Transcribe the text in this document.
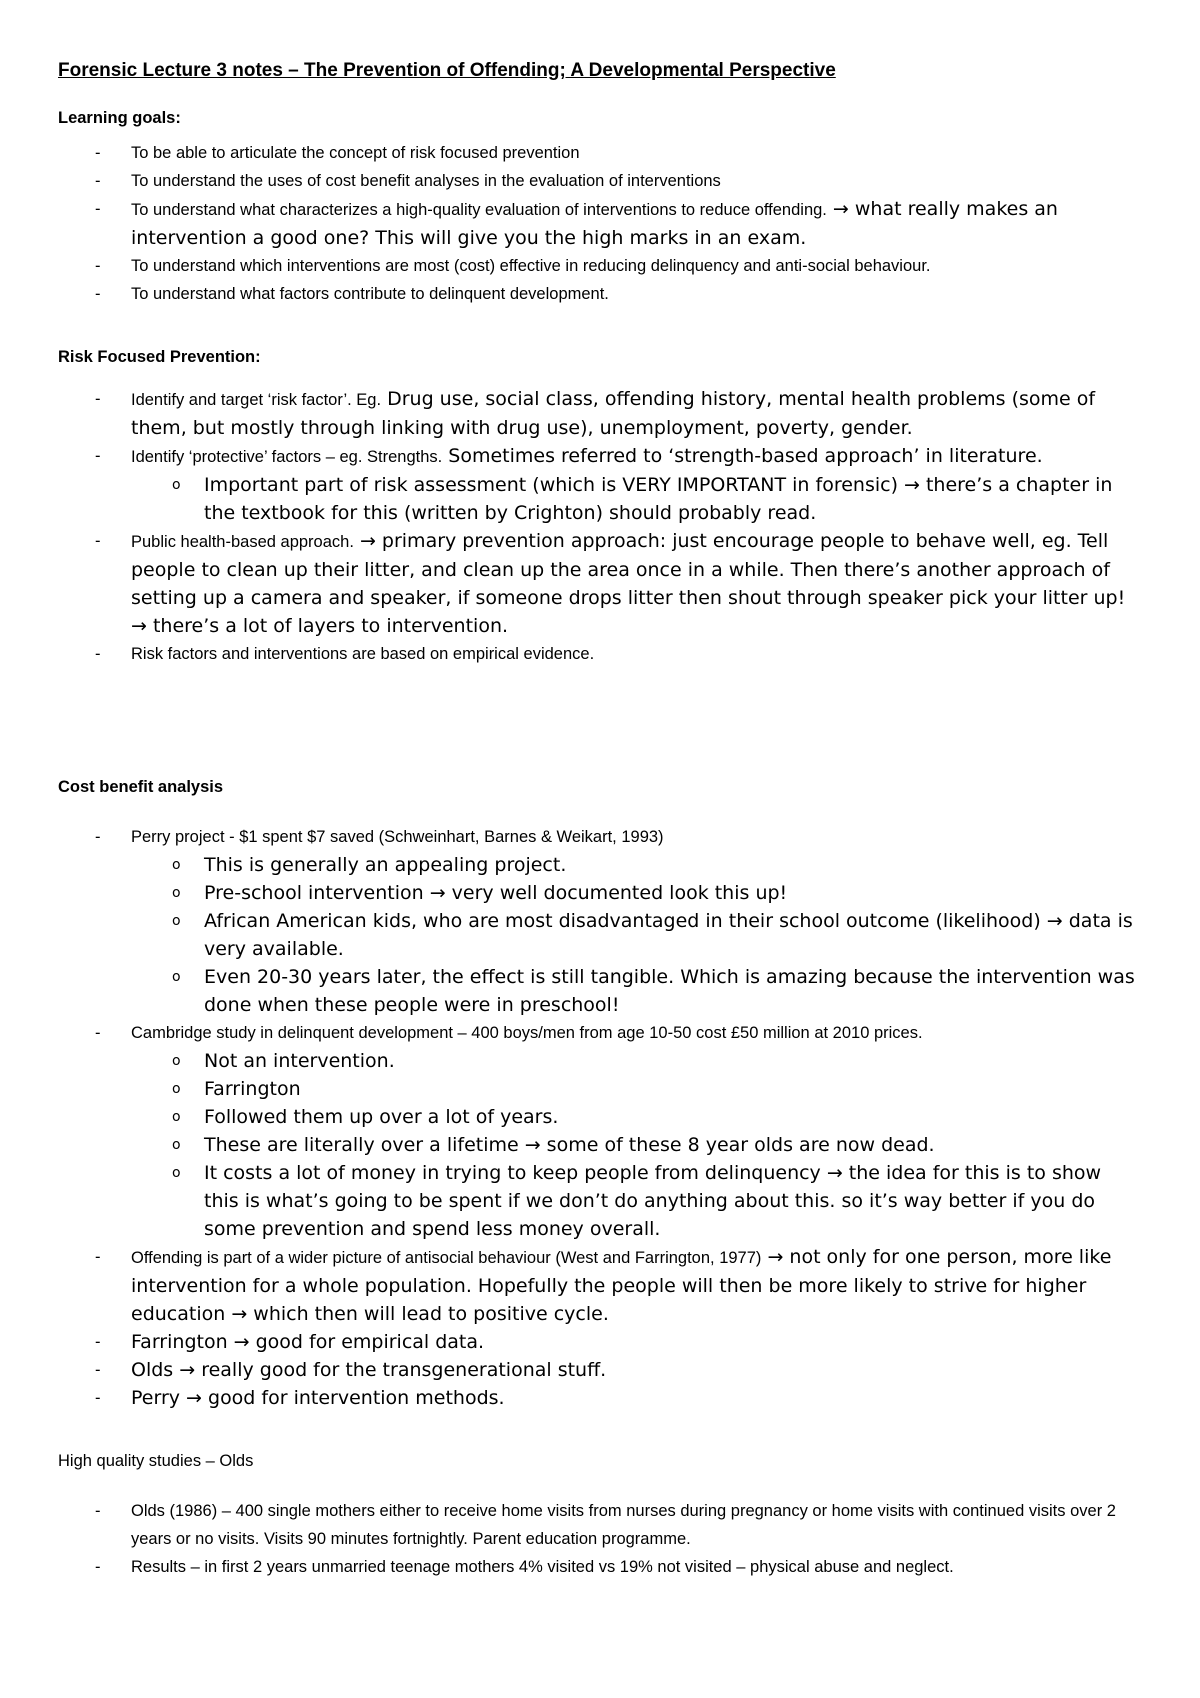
Forensic Lecture 3 notes – The Prevention of Offending; A Developmental Perspective
Learning goals:
- To be able to articulate the concept of risk focused prevention
- To understand the uses of cost benefit analyses in the evaluation of interventions
- To understand what characterizes a high-quality evaluation of interventions to reduce offending. → what really makes an intervention a good one? This will give you the high marks in an exam.
- To understand which interventions are most (cost) effective in reducing delinquency and anti-social behaviour.
- To understand what factors contribute to delinquent development.
Risk Focused Prevention:
- Identify and target ‘risk factor’. Eg. Drug use, social class, offending history, mental health problems (some of them, but mostly through linking with drug use), unemployment, poverty, gender.
- Identify ‘protective’ factors – eg. Strengths. Sometimes referred to ‘strength-based approach’ in literature.
o Important part of risk assessment (which is VERY IMPORTANT in forensic) → there’s a chapter in the textbook for this (written by Crighton) should probably read.
- Public health-based approach. → primary prevention approach: just encourage people to behave well, eg. Tell people to clean up their litter, and clean up the area once in a while. Then there’s another approach of setting up a camera and speaker, if someone drops litter then shout through speaker pick your litter up! → there’s a lot of layers to intervention.
- Risk factors and interventions are based on empirical evidence.
Cost benefit analysis
- Perry project - $1 spent $7 saved (Schweinhart, Barnes & Weikart, 1993)
o This is generally an appealing project.
o Pre-school intervention → very well documented look this up!
o African American kids, who are most disadvantaged in their school outcome (likelihood) → data is very available.
o Even 20-30 years later, the effect is still tangible. Which is amazing because the intervention was done when these people were in preschool!
- Cambridge study in delinquent development – 400 boys/men from age 10-50 cost £50 million at 2010 prices.
o Not an intervention.
o Farrington
o Followed them up over a lot of years.
o These are literally over a lifetime → some of these 8 year olds are now dead.
o It costs a lot of money in trying to keep people from delinquency → the idea for this is to show this is what’s going to be spent if we don’t do anything about this. so it’s way better if you do some prevention and spend less money overall.
- Offending is part of a wider picture of antisocial behaviour (West and Farrington, 1977) → not only for one person, more like intervention for a whole population. Hopefully the people will then be more likely to strive for higher education → which then will lead to positive cycle.
- Farrington → good for empirical data.
- Olds → really good for the transgenerational stuff.
- Perry → good for intervention methods.
High quality studies – Olds
- Olds (1986) – 400 single mothers either to receive home visits from nurses during pregnancy or home visits with continued visits over 2 years or no visits. Visits 90 minutes fortnightly. Parent education programme.
- Results – in first 2 years unmarried teenage mothers 4% visited vs 19% not visited – physical abuse and neglect.
